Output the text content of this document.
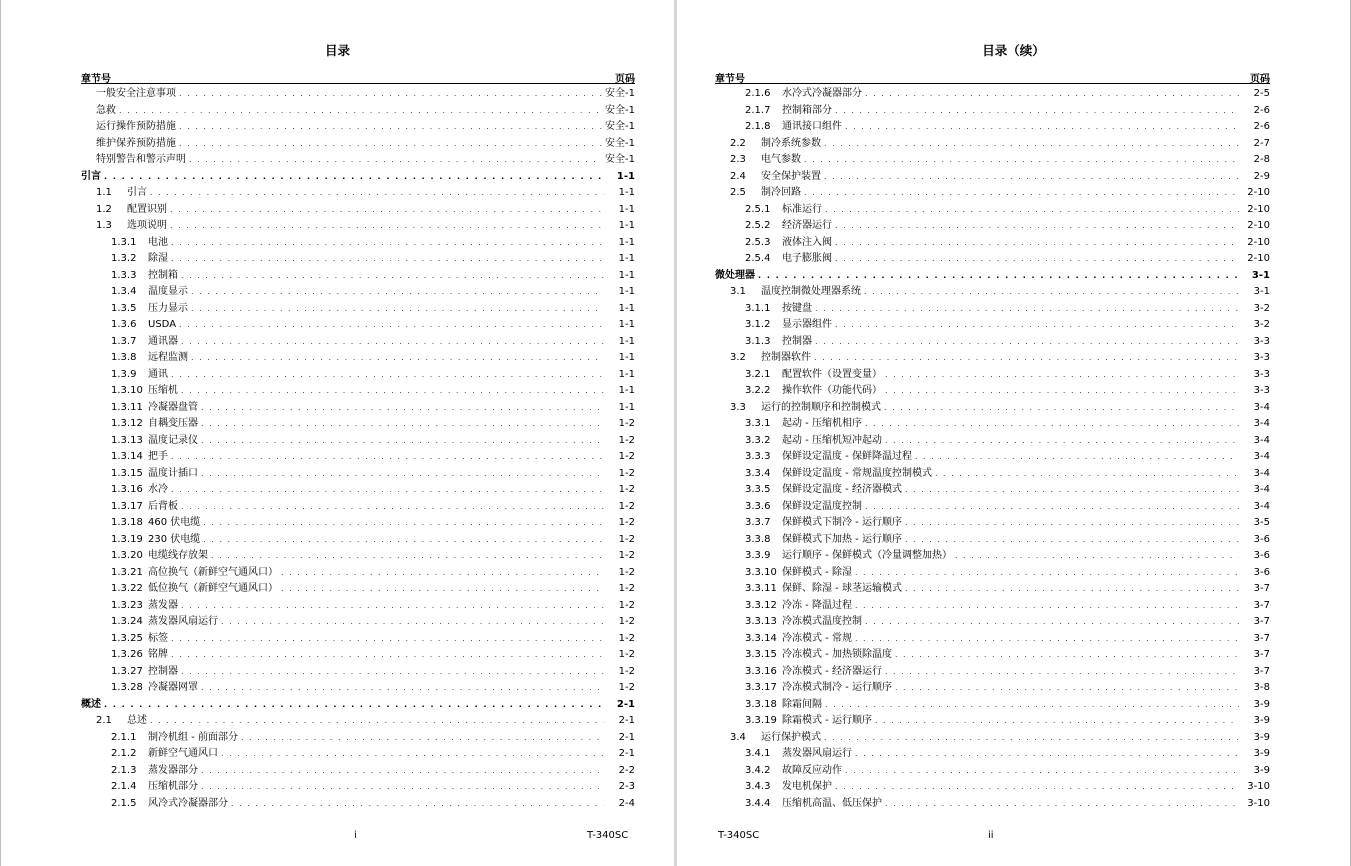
目录
章节号	页码
一般安全注意事项 . . .	安全-1
急救 . . .	安全-1
运行操作预防措施 . . .	安全-1
维护保养预防措施 . . .	安全-1
特别警告和警示声明 . . .	安全-1
引言 . . .	1-1
1.1	引言 . . .	1-1
1.2	配置识别 . . .	1-1
1.3	选项说明 . . .	1-1
1.3.1	电池 . . .	1-1
1.3.2	除湿 . . .	1-1
1.3.3	控制箱 . . .	1-1
1.3.4	温度显示 . . .	1-1
1.3.5	压力显示 . . .	1-1
1.3.6	USDA . . .	1-1
1.3.7	通讯器 . . .	1-1
1.3.8	远程监测 . . .	1-1
1.3.9	通讯 . . .	1-1
1.3.10 压缩机 . . .	1-1
1.3.11 冷凝器盘管 . . .	1-1
1.3.12 自耦变压器 . . .	1-2
1.3.13 温度记录仪 . . .	1-2
1.3.14 把手 . . .	1-2
1.3.15 温度计插口 . . .	1-2
1.3.16 水冷 . . .	1-2
1.3.17 后背板 . . .	1-2
1.3.18 460 伏电缆 . . .	1-2
1.3.19 230 伏电缆 . . .	1-2
1.3.20 电缆线存放架 . . .	1-2
1.3.21 高位换气（新鲜空气通风口） . . .	1-2
1.3.22 低位换气（新鲜空气通风口） . . .	1-2
1.3.23 蒸发器 . . .	1-2
1.3.24 蒸发器风扇运行 . . .	1-2
1.3.25 标签 . . .	1-2
1.3.26 铭牌 . . .	1-2
1.3.27 控制器 . . .	1-2
1.3.28 冷凝器网罩 . . .	1-2
概述 . . .	2-1
2.1	总述 . . .	2-1
2.1.1	制冷机组 - 前面部分 . . .	2-1
2.1.2	新鲜空气通风口 . . .	2-1
2.1.3	蒸发器部分 . . .	2-2
2.1.4	压缩机部分 . . .	2-3
2.1.5	风冷式冷凝器部分 . . .	2-4
i	T-340SC
目录（续）
章节号	页码
2.1.6	水冷式冷凝器部分 . . .	2-5
2.1.7	控制箱部分 . . .	2-6
2.1.8	通讯接口组件 . . .	2-6
2.2	制冷系统参数 . . .	2-7
2.3	电气参数 . . .	2-8
2.4	安全保护装置 . . .	2-9
2.5	制冷回路 . . .	2-10
2.5.1	标准运行 . . .	2-10
2.5.2	经济器运行 . . .	2-10
2.5.3	液体注入阀 . . .	2-10
2.5.4	电子膨胀阀 . . .	2-10
微处理器 . . .	3-1
3.1	温度控制微处理器系统 . . .	3-1
3.1.1	按键盘 . . .	3-2
3.1.2	显示器组件 . . .	3-2
3.1.3	控制器 . . .	3-3
3.2	控制器软件 . . .	3-3
3.2.1	配置软件（设置变量） . . .	3-3
3.2.2	操作软件（功能代码） . . .	3-3
3.3	运行的控制顺序和控制模式 . . .	3-4
3.3.1	起动 - 压缩机相序 . . .	3-4
3.3.2	起动 - 压缩机短冲起动 . . .	3-4
3.3.3	保鲜设定温度 - 保鲜降温过程 . . .	3-4
3.3.4	保鲜设定温度 - 常规温度控制模式 . . .	3-4
3.3.5	保鲜设定温度 - 经济器模式 . . .	3-4
3.3.6	保鲜设定温度控制 . . .	3-4
3.3.7	保鲜模式下制冷 - 运行顺序 . . .	3-5
3.3.8	保鲜模式下加热 - 运行顺序 . . .	3-6
3.3.9	运行顺序 - 保鲜模式（冷量调整加热） . . .	3-6
3.3.10 保鲜模式 - 除湿 . . .	3-6
3.3.11 保鲜、除湿 - 球茎运输模式 . . .	3-7
3.3.12 冷冻 - 降温过程 . . .	3-7
3.3.13 冷冻模式温度控制 . . .	3-7
3.3.14 冷冻模式 - 常规 . . .	3-7
3.3.15 冷冻模式 - 加热锁除温度 . . .	3-7
3.3.16 冷冻模式 - 经济器运行 . . .	3-7
3.3.17 冷冻模式制冷 - 运行顺序 . . .	3-8
3.3.18 除霜间隔 . . .	3-9
3.3.19 除霜模式 - 运行顺序 . . .	3-9
3.4	运行保护模式 . . .	3-9
3.4.1	蒸发器风扇运行 . . .	3-9
3.4.2	故障反应动作 . . .	3-9
3.4.3	发电机保护 . . .	3-10
3.4.4	压缩机高温、低压保护 . . .	3-10
T-340SC	ii
